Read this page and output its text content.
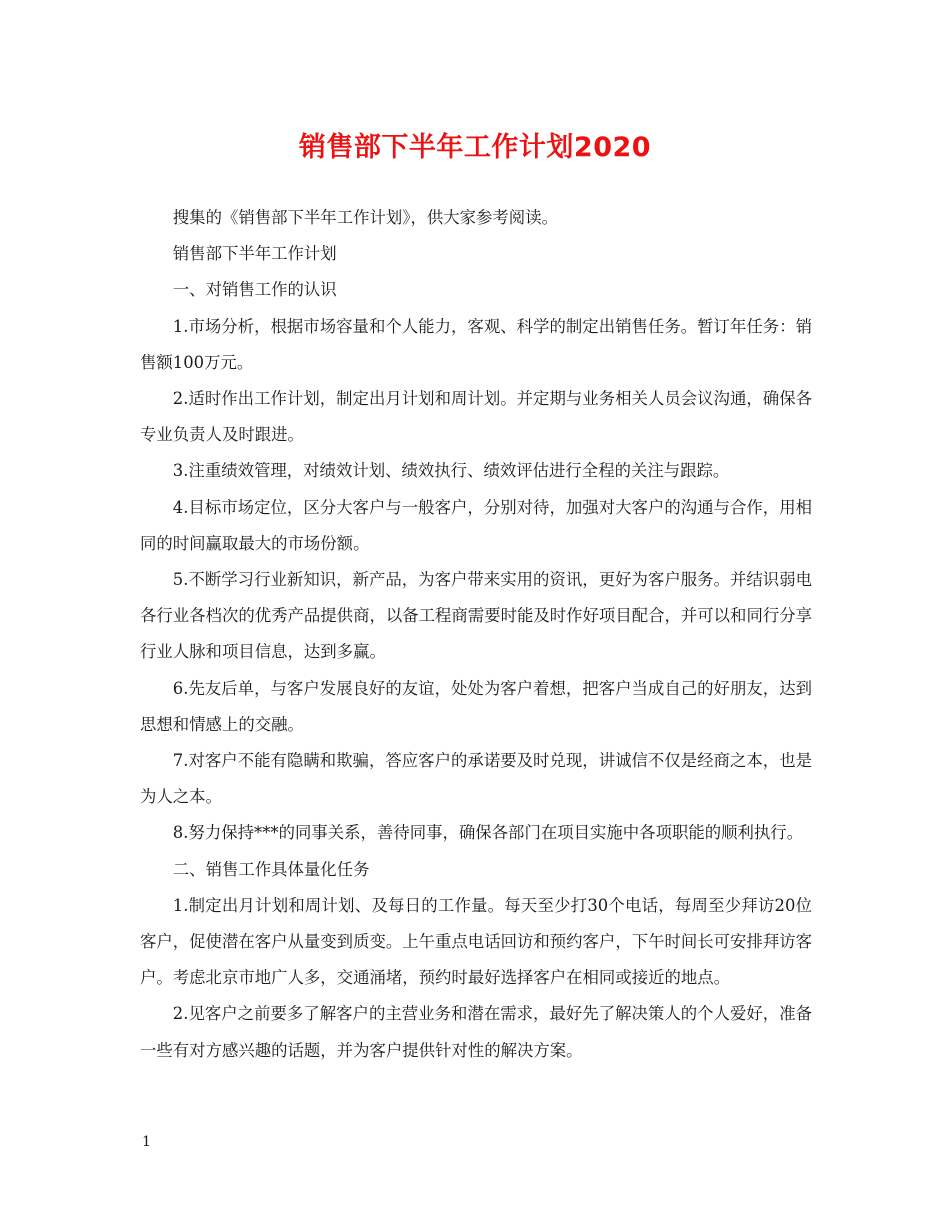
销售部下半年工作计划2020

搜集的《销售部下半年工作计划》，供大家参考阅读。

销售部下半年工作计划

一、对销售工作的认识

1.市场分析，根据市场容量和个人能力，客观、科学的制定出销售任务。暂订年任务：销售额100万元。

2.适时作出工作计划，制定出月计划和周计划。并定期与业务相关人员会议沟通，确保各专业负责人及时跟进。

3.注重绩效管理，对绩效计划、绩效执行、绩效评估进行全程的关注与跟踪。

4.目标市场定位，区分大客户与一般客户，分别对待，加强对大客户的沟通与合作，用相同的时间赢取最大的市场份额。

5.不断学习行业新知识，新产品，为客户带来实用的资讯，更好为客户服务。并结识弱电各行业各档次的优秀产品提供商，以备工程商需要时能及时作好项目配合，并可以和同行分享行业人脉和项目信息，达到多赢。

6.先友后单，与客户发展良好的友谊，处处为客户着想，把客户当成自己的好朋友，达到思想和情感上的交融。

7.对客户不能有隐瞒和欺骗，答应客户的承诺要及时兑现，讲诚信不仅是经商之本，也是为人之本。

8.努力保持***的同事关系，善待同事，确保各部门在项目实施中各项职能的顺利执行。

二、销售工作具体量化任务

1.制定出月计划和周计划、及每日的工作量。每天至少打30个电话，每周至少拜访20位客户，促使潜在客户从量变到质变。上午重点电话回访和预约客户，下午时间长可安排拜访客户。考虑北京市地广人多，交通涌堵，预约时最好选择客户在相同或接近的地点。

2.见客户之前要多了解客户的主营业务和潜在需求，最好先了解决策人的个人爱好，准备一些有对方感兴趣的话题，并为客户提供针对性的解决方案。

1
